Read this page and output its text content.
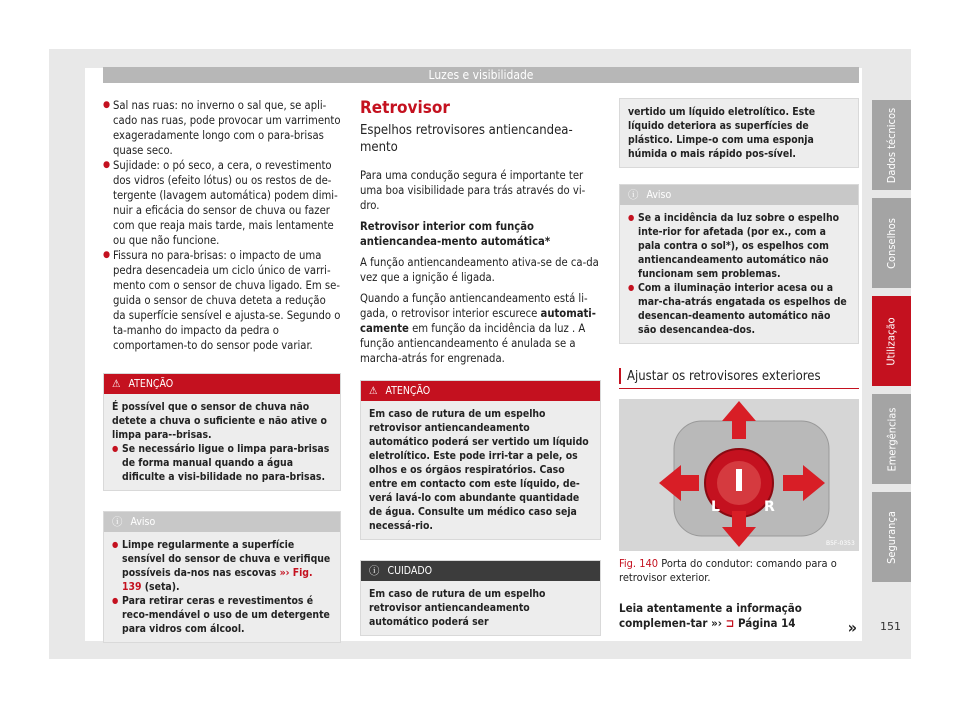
Luzes e visibilidade
● Sal nas ruas: no inverno o sal que, se apli-cado nas ruas, pode provocar um varrimento exageradamente longo com o para-brisas quase seco.
● Sujidade: o pó seco, a cera, o revestimento dos vidros (efeito lótus) ou os restos de de-tergente (lavagem automática) podem dimi-nuir a eficácia do sensor de chuva ou fazer com que reaja mais tarde, mais lentamente ou que não funcione.
● Fissura no para-brisas: o impacto de uma pedra desencadeia um ciclo único de varri-mento com o sensor de chuva ligado. Em se-guida o sensor de chuva deteta a redução da superfície sensível e ajusta-se. Segundo o ta-manho do impacto da pedra o comportamen-to do sensor pode variar.
⚠ ATENÇÃO
É possível que o sensor de chuva não detete a chuva o suficiente e não ative o limpa para--brisas.
● Se necessário ligue o limpa para-brisas de forma manual quando a água dificulte a visi-bilidade no para-brisas.
ⓘ Aviso
● Limpe regularmente a superfície sensível do sensor de chuva e verifique possíveis da-nos nas escovas »› Fig. 139 (seta).
● Para retirar ceras e revestimentos é reco-mendável o uso de um detergente para vidros com álcool.
Retrovisor
Espelhos retrovisores antiencandea-mento

Para uma condução segura é importante ter uma boa visibilidade para trás através do vi-dro.

Retrovisor interior com função antiencandea-mento automática*

A função antiencandeamento ativa-se de ca-da vez que a ignição é ligada.

Quando a função antiencandeamento está li-gada, o retrovisor interior escurece automati-camente em função da incidência da luz . A função antiencandeamento é anulada se a marcha-atrás for engrenada.

⚠ ATENÇÃO
Em caso de rutura de um espelho retrovisor antiencandeamento automático poderá ser vertido um líquido eletrolítico. Este pode irri-tar a pele, os olhos e os órgãos respiratórios. Caso entre em contacto com este líquido, de-verá lavá-lo com abundante quantidade de água. Consulte um médico caso seja necessá-rio.
ⓘ CUIDADO
Em caso de rutura de um espelho retrovisor antiencandeamento automático poderá ser
vertido um líquido eletrolítico. Este líquido deteriora as superfícies de plástico. Limpe-o com uma esponja húmida o mais rápido pos-sível.
ⓘ Aviso
● Se a incidência da luz sobre o espelho inte-rior for afetada (por ex., com a pala contra o sol*), os espelhos com antiencandeamento automático não funcionam sem problemas.
● Com a iluminação interior acesa ou a mar-cha-atrás engatada os espelhos de desencan-deamento automático não são desencandea-dos.
Ajustar os retrovisores exteriores
L	R
B5F-0353
Fig. 140 Porta do condutor: comando para o retrovisor exterior.

Leia atentamente a informação complemen-tar »› ⊐ Página 14	»
Dados técnicos
Conselhos
Utilização
Emergências
Segurança
151
